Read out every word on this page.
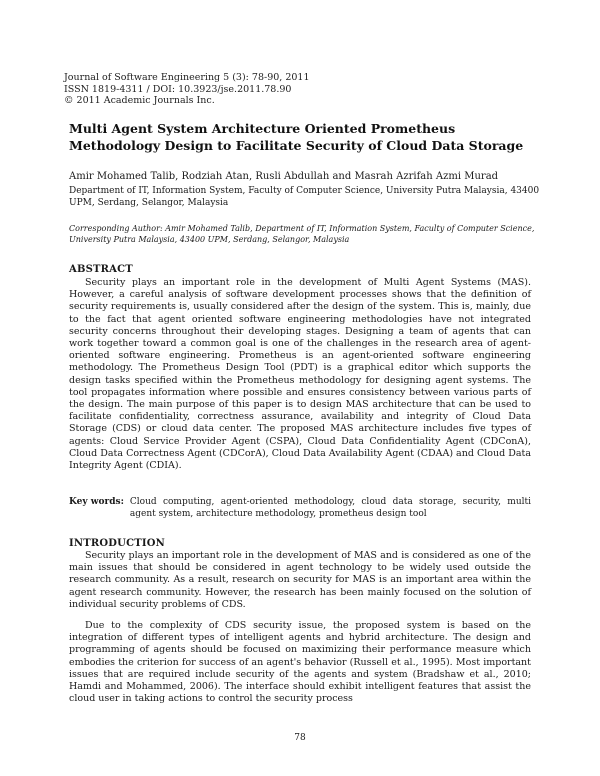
Journal of Software Engineering 5 (3): 78-90, 2011
ISSN 1819-4311 / DOI: 10.3923/jse.2011.78.90
© 2011 Academic Journals Inc.
Multi Agent System Architecture Oriented Prometheus Methodology Design to Facilitate Security of Cloud Data Storage
Amir Mohamed Talib, Rodziah Atan, Rusli Abdullah and Masrah Azrifah Azmi Murad
Department of IT, Information System, Faculty of Computer Science, University Putra Malaysia, 43400 UPM, Serdang, Selangor, Malaysia
Corresponding Author: Amir Mohamed Talib, Department of IT, Information System, Faculty of Computer Science, University Putra Malaysia, 43400 UPM, Serdang, Selangor, Malaysia
ABSTRACT
Security plays an important role in the development of Multi Agent Systems (MAS). However, a careful analysis of software development processes shows that the definition of security requirements is, usually considered after the design of the system. This is, mainly, due to the fact that agent oriented software engineering methodologies have not integrated security concerns throughout their developing stages. Designing a team of agents that can work together toward a common goal is one of the challenges in the research area of agent-oriented software engineering. Prometheus is an agent-oriented software engineering methodology. The Prometheus Design Tool (PDT) is a graphical editor which supports the design tasks specified within the Prometheus methodology for designing agent systems. The tool propagates information where possible and ensures consistency between various parts of the design. The main purpose of this paper is to design MAS architecture that can be used to facilitate confidentiality, correctness assurance, availability and integrity of Cloud Data Storage (CDS) or cloud data center. The proposed MAS architecture includes five types of agents: Cloud Service Provider Agent (CSPA), Cloud Data Confidentiality Agent (CDConA), Cloud Data Correctness Agent (CDCorA), Cloud Data Availability Agent (CDAA) and Cloud Data Integrity Agent (CDIA).
Key words: Cloud computing, agent-oriented methodology, cloud data storage, security, multi agent system, architecture methodology, prometheus design tool
INTRODUCTION
Security plays an important role in the development of MAS and is considered as one of the main issues that should be considered in agent technology to be widely used outside the research community. As a result, research on security for MAS is an important area within the agent research community. However, the research has been mainly focused on the solution of individual security problems of CDS.
Due to the complexity of CDS security issue, the proposed system is based on the integration of different types of intelligent agents and hybrid architecture. The design and programming of agents should be focused on maximizing their performance measure which embodies the criterion for success of an agent's behavior (Russell et al., 1995). Most important issues that are required include security of the agents and system (Bradshaw et al., 2010; Hamdi and Mohammed, 2006). The interface should exhibit intelligent features that assist the cloud user in taking actions to control the security process
78
